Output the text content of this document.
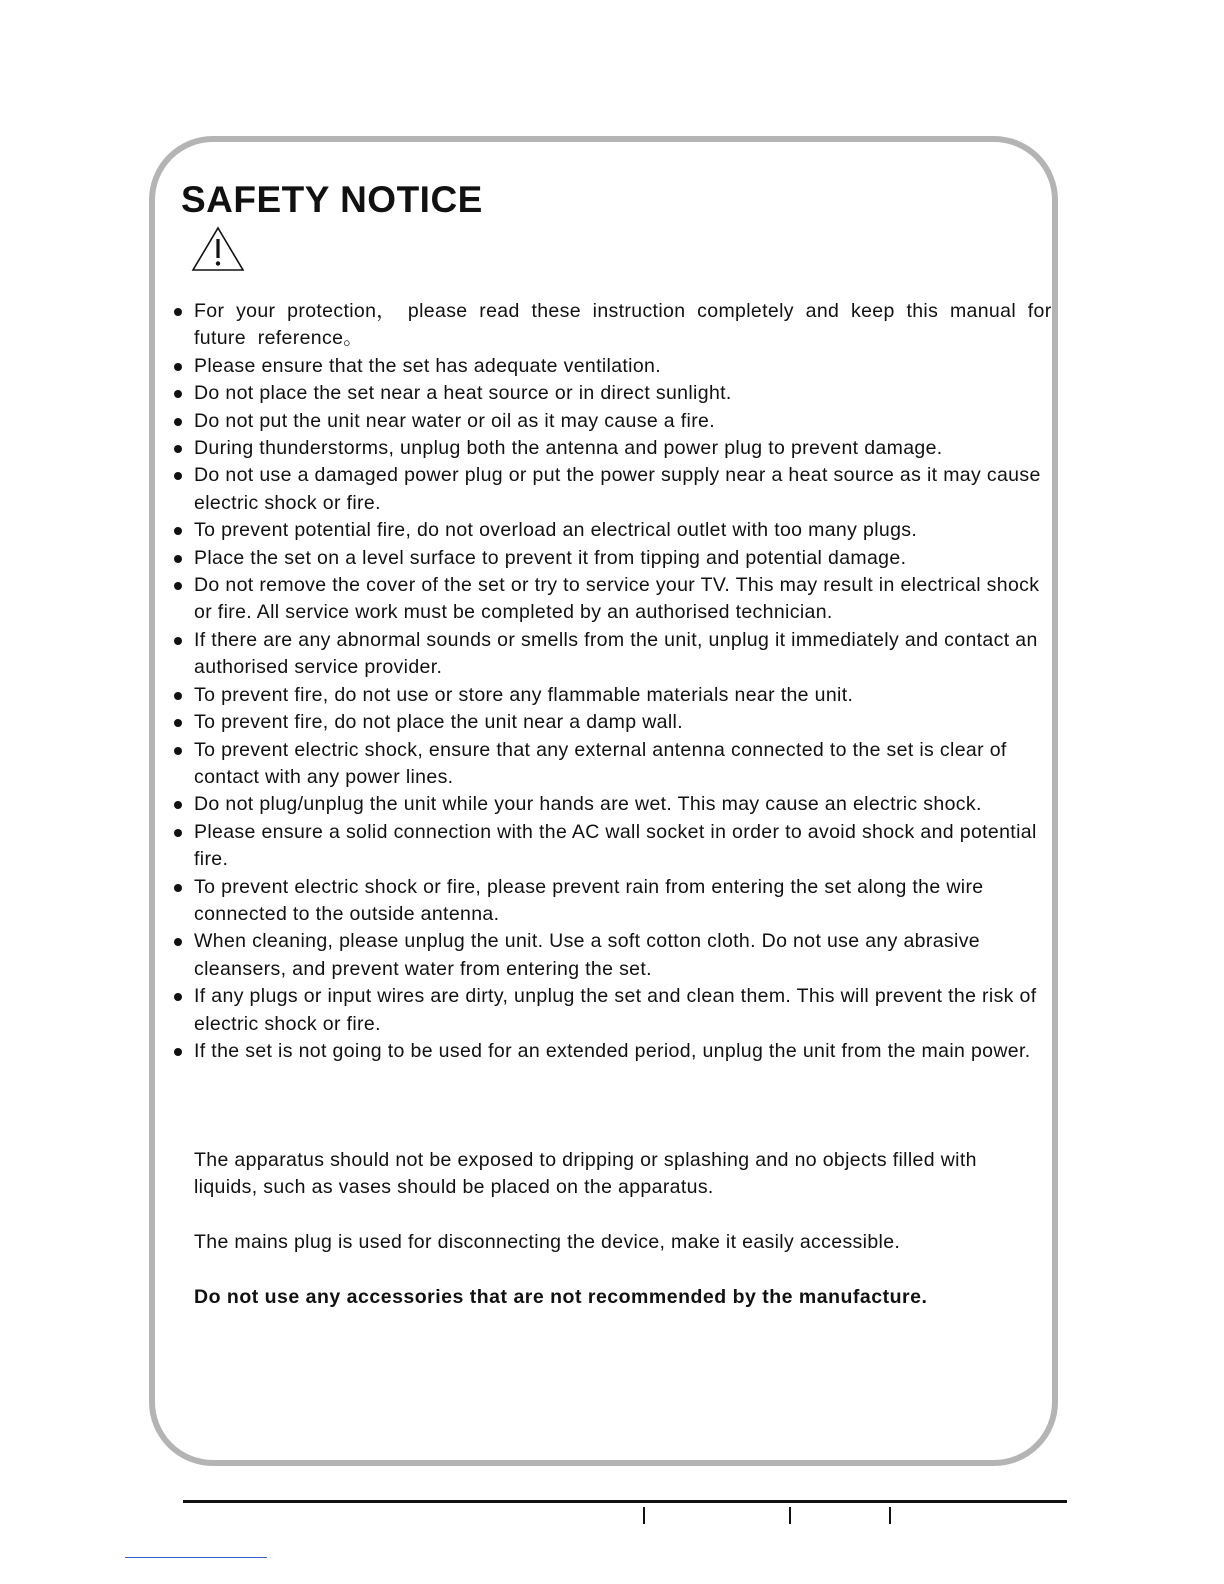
SAFETY NOTICE
For your protection， please read these instruction completely and keep this manual for future reference。
Please ensure that the set has adequate ventilation.
Do not place the set near a heat source or in direct sunlight.
Do not put the unit near water or oil as it may cause a fire.
During thunderstorms, unplug both the antenna and power plug to prevent damage.
Do not use a damaged power plug or put the power supply near a heat source as it may cause electric shock or fire.
To prevent potential fire, do not overload an electrical outlet with too many plugs.
Place the set on a level surface to prevent it from tipping and potential damage.
Do not remove the cover of the set or try to service your TV. This may result in electrical shock or fire. All service work must be completed by an authorised technician.
If there are any abnormal sounds or smells from the unit, unplug it immediately and contact an authorised service provider.
To prevent fire, do not use or store any flammable materials near the unit.
To prevent fire, do not place the unit near a damp wall.
To prevent electric shock, ensure that any external antenna connected to the set is clear of contact with any power lines.
Do not plug/unplug the unit while your hands are wet. This may cause an electric shock.
Please ensure a solid connection with the AC wall socket in order to avoid shock and potential fire.
To prevent electric shock or fire, please prevent rain from entering the set along the wire connected to the outside antenna.
When cleaning, please unplug the unit. Use a soft cotton cloth. Do not use any abrasive cleansers, and prevent water from entering the set.
If any plugs or input wires are dirty, unplug the set and clean them. This will prevent the risk of electric shock or fire.
If the set is not going to be used for an extended period, unplug the unit from the main power.

The apparatus should not be exposed to dripping or splashing and no objects filled with liquids, such as vases should be placed on the apparatus.

The mains plug is used for disconnecting the device, make it easily accessible.

Do not use any accessories that are not recommended by the manufacture.
